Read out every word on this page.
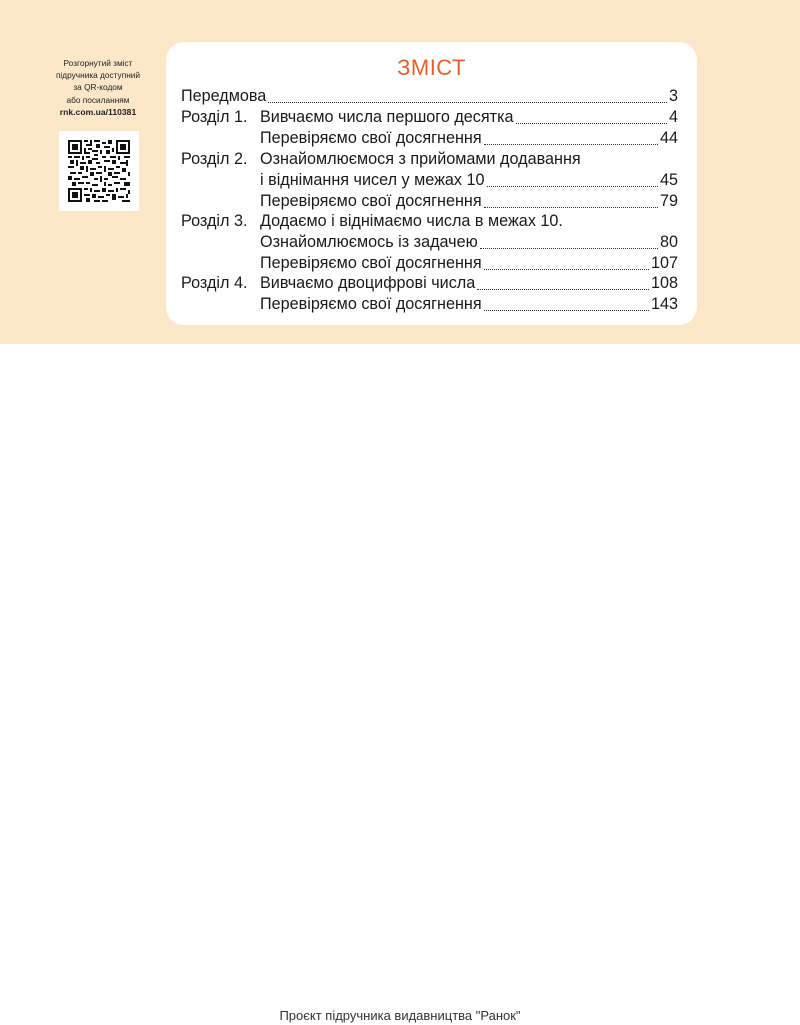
Розгорнутий зміст
підручника доступний
за QR-кодом
або посиланням
rnk.com.ua/110381
ЗМІСТ
Передмова	3
Розділ 1. Вивчаємо числа першого десятка	4
Перевіряємо свої досягнення	44
Розділ 2. Ознайомлюємося з прийомами додавання
і віднімання чисел у межах 10	45
Перевіряємо свої досягнення	79
Розділ 3. Додаємо і віднімаємо числа в межах 10.
Ознайомлюємось із задачею	80
Перевіряємо свої досягнення	107
Розділ 4. Вивчаємо двоцифрові числа	108
Перевіряємо свої досягнення	143
Проєкт підручника видавництва "Ранок"
